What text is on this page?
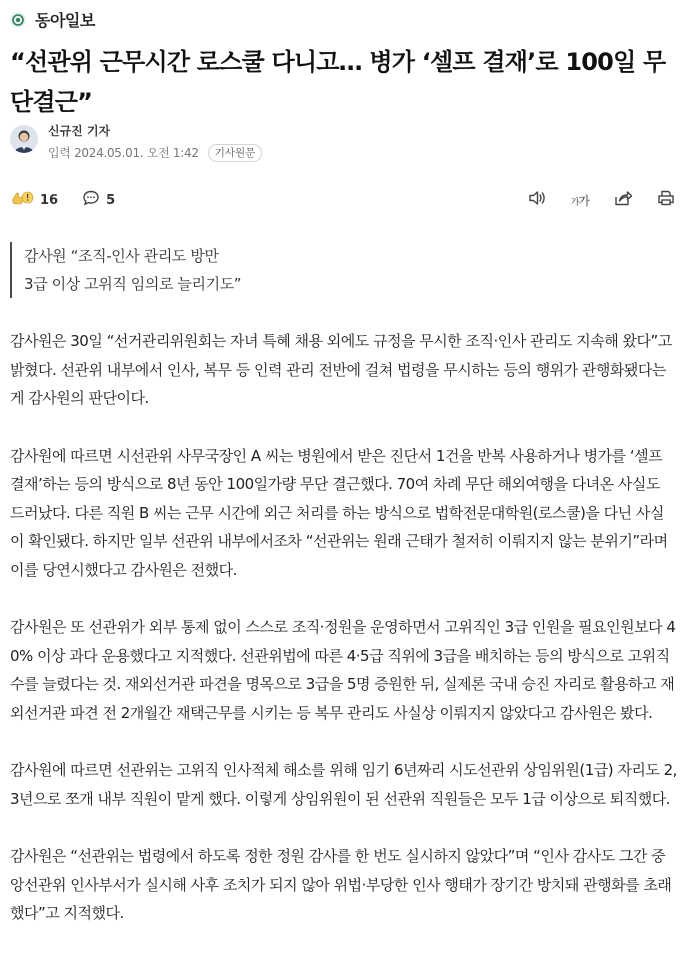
동아일보
“선관위 근무시간 로스쿨 다니고… 병가 ‘셀프 결재’로 100일 무단결근”
신규진 기자
입력 2024.05.01. 오전 1:42	기사원문
16	5	가가
감사원 “조직-인사 관리도 방만
3급 이상 고위직 임의로 늘리기도”

감사원은 30일 “선거관리위원회는 자녀 특혜 채용 외에도 규정을 무시한 조직·인사 관리도 지속해 왔다”고 밝혔다. 선관위 내부에서 인사, 복무 등 인력 관리 전반에 걸쳐 법령을 무시하는 등의 행위가 관행화됐다는 게 감사원의 판단이다.

감사원에 따르면 시선관위 사무국장인 A 씨는 병원에서 받은 진단서 1건을 반복 사용하거나 병가를 ‘셀프 결재’하는 등의 방식으로 8년 동안 100일가량 무단 결근했다. 70여 차례 무단 해외여행을 다녀온 사실도 드러났다. 다른 직원 B 씨는 근무 시간에 외근 처리를 하는 방식으로 법학전문대학원(로스쿨)을 다닌 사실이 확인됐다. 하지만 일부 선관위 내부에서조차 “선관위는 원래 근태가 철저히 이뤄지지 않는 분위기”라며 이를 당연시했다고 감사원은 전했다.

감사원은 또 선관위가 외부 통제 없이 스스로 조직·정원을 운영하면서 고위직인 3급 인원을 필요인원보다 40% 이상 과다 운용했다고 지적했다. 선관위법에 따른 4·5급 직위에 3급을 배치하는 등의 방식으로 고위직 수를 늘렸다는 것. 재외선거관 파견을 명목으로 3급을 5명 증원한 뒤, 실제론 국내 승진 자리로 활용하고 재외선거관 파견 전 2개월간 재택근무를 시키는 등 복무 관리도 사실상 이뤄지지 않았다고 감사원은 봤다.

감사원에 따르면 선관위는 고위직 인사적체 해소를 위해 임기 6년짜리 시도선관위 상임위원(1급) 자리도 2, 3년으로 쪼개 내부 직원이 맡게 했다. 이렇게 상임위원이 된 선관위 직원들은 모두 1급 이상으로 퇴직했다.

감사원은 “선관위는 법령에서 하도록 정한 정원 감사를 한 번도 실시하지 않았다”며 “인사 감사도 그간 중앙선관위 인사부서가 실시해 사후 조치가 되지 않아 위법·부당한 인사 행태가 장기간 방치돼 관행화를 초래했다”고 지적했다.
